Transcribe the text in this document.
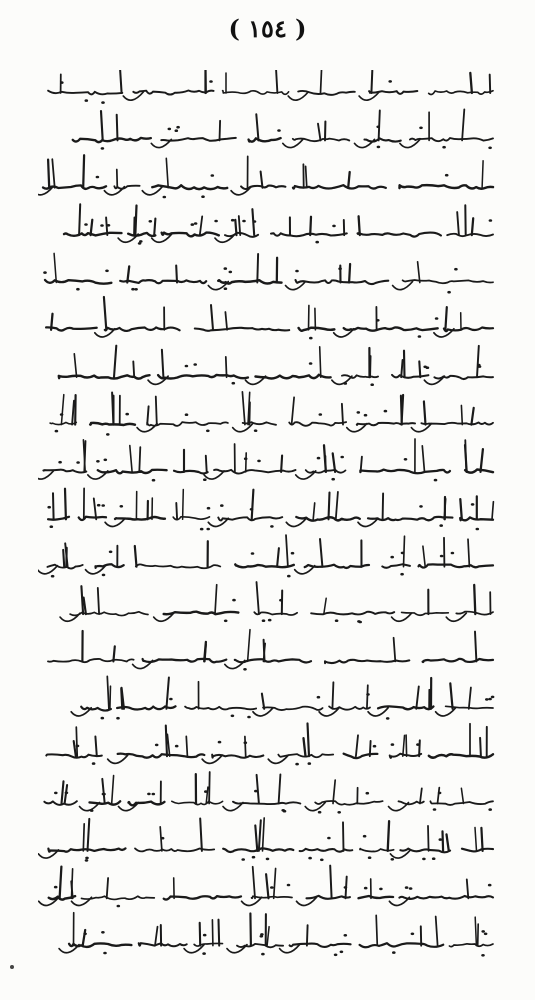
( ١٥٤ )
